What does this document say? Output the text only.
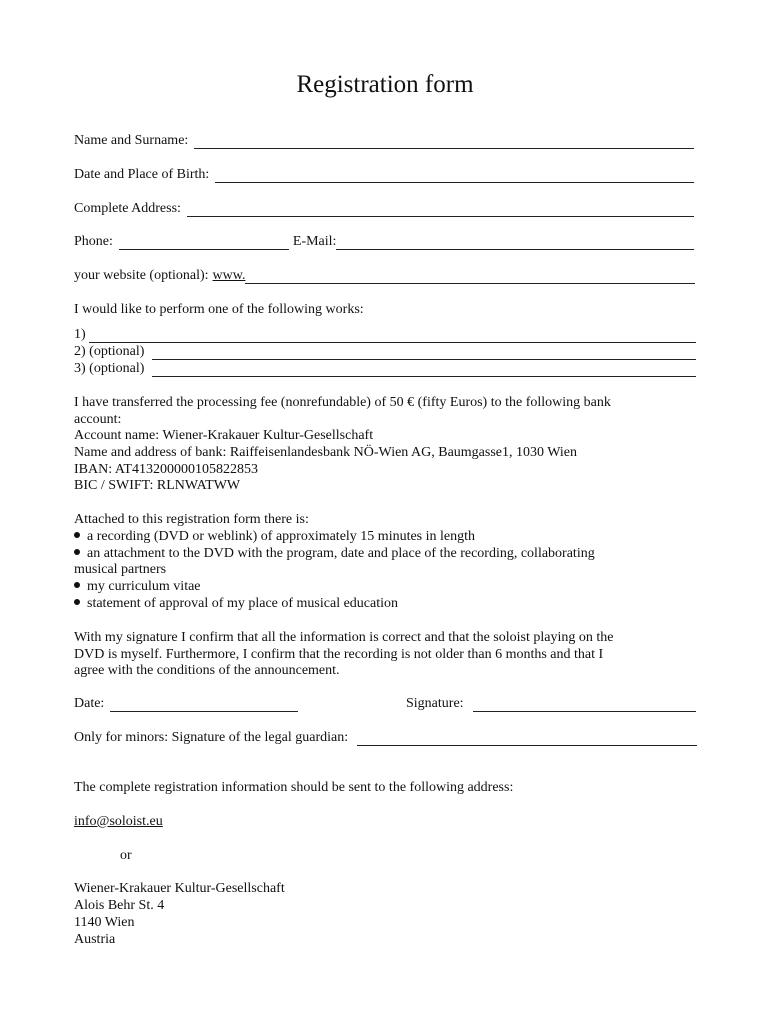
Registration form
Name and Surname:
Date and Place of Birth:
Complete Address:
Phone:	E-Mail:
your website (optional): www.
I would like to perform one of the following works:
1)
2) (optional)
3) (optional)
I have transferred the processing fee (nonrefundable) of 50 € (fifty Euros) to the following bank
account:
Account name: Wiener-Krakauer Kultur-Gesellschaft
Name and address of bank: Raiffeisenlandesbank NÖ-Wien AG, Baumgasse1, 1030 Wien
IBAN: AT413200000105822853
BIC / SWIFT: RLNWATWW
Attached to this registration form there is:
a recording (DVD or weblink) of approximately 15 minutes in length
an attachment to the DVD with the program, date and place of the recording, collaborating
musical partners
my curriculum vitae
statement of approval of my place of musical education
With my signature I confirm that all the information is correct and that the soloist playing on the
DVD is myself. Furthermore, I confirm that the recording is not older than 6 months and that I
agree with the conditions of the announcement.
Date:	Signature:
Only for minors: Signature of the legal guardian:
The complete registration information should be sent to the following address:
info@soloist.eu
or
Wiener-Krakauer Kultur-Gesellschaft
Alois Behr St. 4
1140 Wien
Austria
